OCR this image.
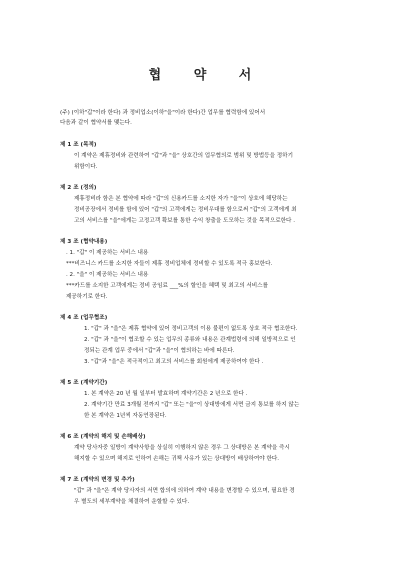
협 약 서
(주) (이하"갑"이라 한다) 과 정비업소(이하"을"이라 한다)간 업무를 협력함에 있어서
다음과 같이 협약서를 맺는다.
제 1 조 (목적)
이 계약은 제휴정비와 관련하여 "갑"과 "을" 상호간의 업무협의로 범위 및 방법등을 정하기
위함이다.
제 2 조 (정의)
제휴정비라 함은 본 협약에 따라 "갑"의 신용카드를 소지한 자가 "을"이 상호에 해당하는
정비공장에서 정비를 함에 있어 "갑"의 고객에게는 정비우대를 함으로써 "갑"의 고객에게 최
고의 서비스를 "을"에게는 고정고객 확보를 통한 수익 창출을 도모하는 것을 목적으로한다 .
제 3 조 (협약내용)
. 1. "갑" 이 제공하는 서비스 내용
***비즈니스 카드를 소지한 자들이 제휴 정비업체에 정비할 수 있도록 적극 홍보한다.
. 2. "을" 이 제공하는 서비스 내용
***카드를 소지한 고객에게는 정비 공임료 ___%의 할인을 혜택 및 최고의 서비스를
제공하기로 한다.
제 4 조 (업무협조)
1. "갑" 과 "을"은 제휴 협약에 있어 정비고객의 이용 불편이 없도록 상호 적극 협조한다.
2. "갑" 과 "을"이 협조할 수 있는 업무의 종류와 내용은 관계법령에 의해 일방적으로 인
정되는 관계 업무 중에서 "갑"과 "을"이 협의하는 바에 따른다.
3. "갑"과 "을"은 적극적이고 최고의 서비스를 회원에게 제공하여야 한다 .
제 5 조 (계약기간)
1. 본 계약은 20 년 월 일부터 발효하며 계약기간은 2 년으로 한다 .
2. 계약기간 만료 3개월 전까지 "갑" 또는 "을"이 상대방에게 서면 금지 통보를 하지 않는
한 본 계약은 1년씩 자동연장된다.
제 6 조 (계약의 해지 및 손해배상)
계약 당사자중 일방이 계약사항을 상실히 이행하지 않은 경우 그 상대방은 본 계약을 즉시
해지할 수 있으며 해지로 인하여 손해는 귀책 사유가 있는 상대방이 배상하여야 한다.
제 7 조 (계약의 변경 및 추가)
"갑" 과 "을"은 계약 당사자의 서면 합의에 의하여 계약 내용을 변경할 수 있으며, 필요한 경
우 별도의 세부계약을 체결하여 운할할 수 있다.
